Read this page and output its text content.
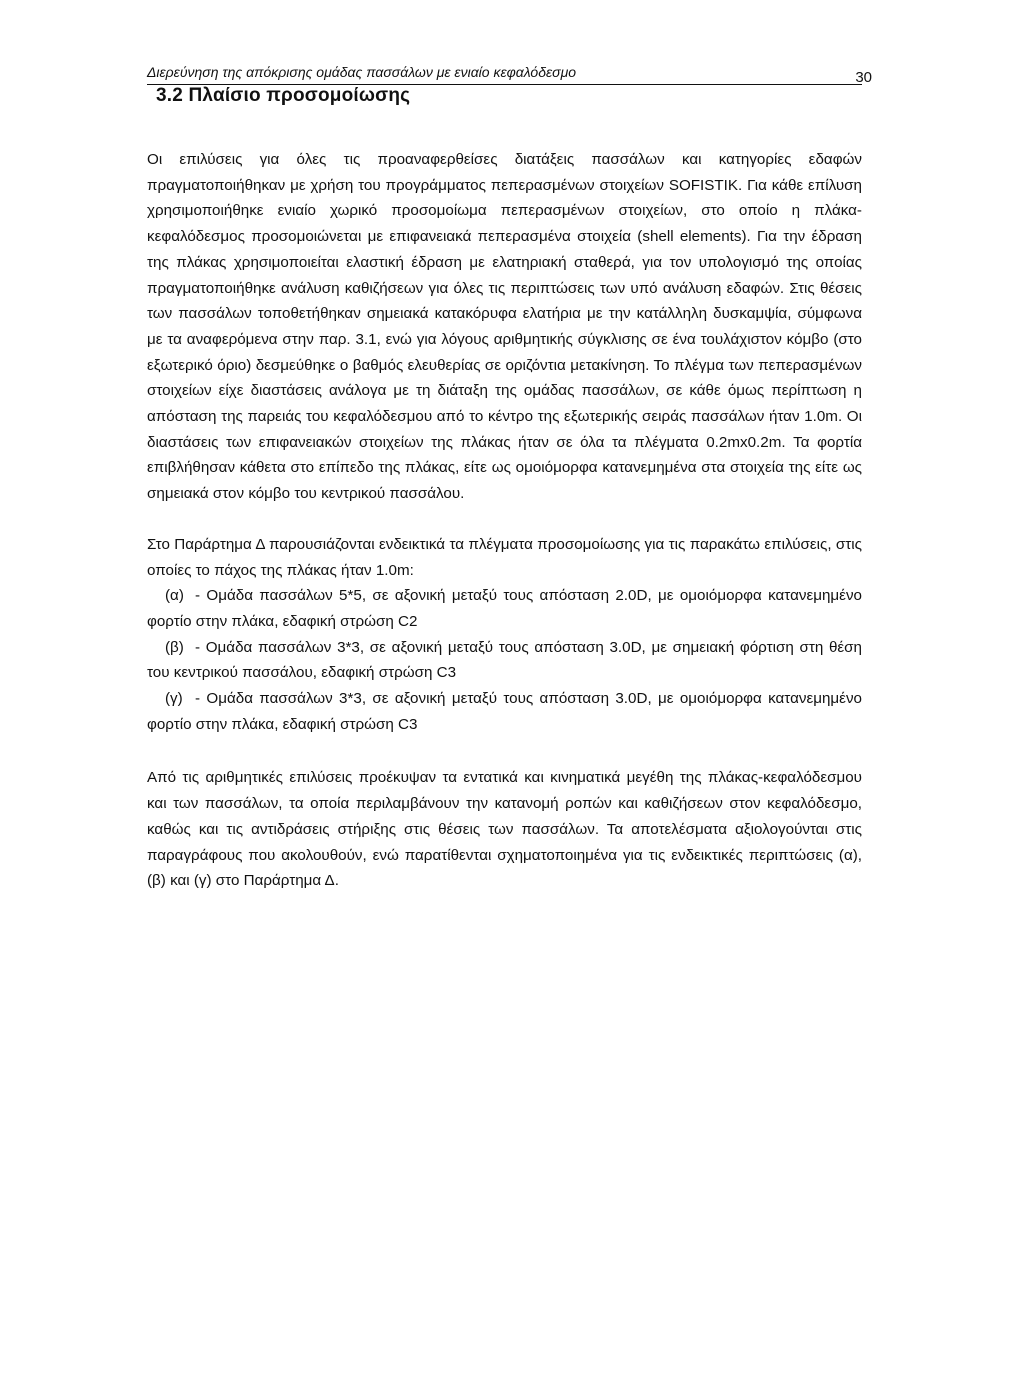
Διερεύνηση της απόκρισης ομάδας πασσάλων με ενιαίο κεφαλόδεσμο	30
3.2 Πλαίσιο προσομοίωσης

Οι επιλύσεις για όλες τις προαναφερθείσες διατάξεις πασσάλων και κατηγορίες εδαφών πραγματοποιήθηκαν με χρήση του προγράμματος πεπερασμένων στοιχείων SOFISTIK. Για κάθε επίλυση χρησιμοποιήθηκε ενιαίο χωρικό προσομοίωμα πεπερασμένων στοιχείων, στο οποίο η πλάκα-κεφαλόδεσμος προσομοιώνεται με επιφανειακά πεπερασμένα στοιχεία (shell elements). Για την έδραση της πλάκας χρησιμοποιείται ελαστική έδραση με ελατηριακή σταθερά, για τον υπολογισμό της οποίας πραγματοποιήθηκε ανάλυση καθιζήσεων για όλες τις περιπτώσεις των υπό ανάλυση εδαφών. Στις θέσεις των πασσάλων τοποθετήθηκαν σημειακά κατακόρυφα ελατήρια με την κατάλληλη δυσκαμψία, σύμφωνα με τα αναφερόμενα στην παρ. 3.1, ενώ για λόγους αριθμητικής σύγκλισης σε ένα τουλάχιστον κόμβο (στο εξωτερικό όριο) δεσμεύθηκε ο βαθμός ελευθερίας σε οριζόντια μετακίνηση. Το πλέγμα των πεπερασμένων στοιχείων είχε διαστάσεις ανάλογα με τη διάταξη της ομάδας πασσάλων, σε κάθε όμως περίπτωση η απόσταση της παρειάς του κεφαλόδεσμου από το κέντρο της εξωτερικής σειράς πασσάλων ήταν 1.0m. Οι διαστάσεις των επιφανειακών στοιχείων της πλάκας ήταν σε όλα τα πλέγματα 0.2mx0.2m. Τα φορτία επιβλήθησαν κάθετα στο επίπεδο της πλάκας, είτε ως ομοιόμορφα κατανεμημένα στα στοιχεία της είτε ως σημειακά στον κόμβο του κεντρικού πασσάλου.

Στο Παράρτημα Δ παρουσιάζονται ενδεικτικά τα πλέγματα προσομοίωσης για τις παρακάτω επιλύσεις, στις οποίες το πάχος της πλάκας ήταν 1.0m:

(α) - Ομάδα πασσάλων 5*5, σε αξονική μεταξύ τους απόσταση 2.0D, με ομοιόμορφα κατανεμημένο φορτίο στην πλάκα, εδαφική στρώση C2

(β) - Ομάδα πασσάλων 3*3, σε αξονική μεταξύ τους απόσταση 3.0D, με σημειακή φόρτιση στη θέση του κεντρικού πασσάλου, εδαφική στρώση C3

(γ) - Ομάδα πασσάλων 3*3, σε αξονική μεταξύ τους απόσταση 3.0D, με ομοιόμορφα κατανεμημένο φορτίο στην πλάκα, εδαφική στρώση C3

Από τις αριθμητικές επιλύσεις προέκυψαν τα εντατικά και κινηματικά μεγέθη της πλάκας-κεφαλόδεσμου και των πασσάλων, τα οποία περιλαμβάνουν την κατανομή ροπών και καθιζήσεων στον κεφαλόδεσμο, καθώς και τις αντιδράσεις στήριξης στις θέσεις των πασσάλων. Τα αποτελέσματα αξιολογούνται στις παραγράφους που ακολουθούν, ενώ παρατίθενται σχηματοποιημένα για τις ενδεικτικές περιπτώσεις (α), (β) και (γ) στο Παράρτημα Δ.
